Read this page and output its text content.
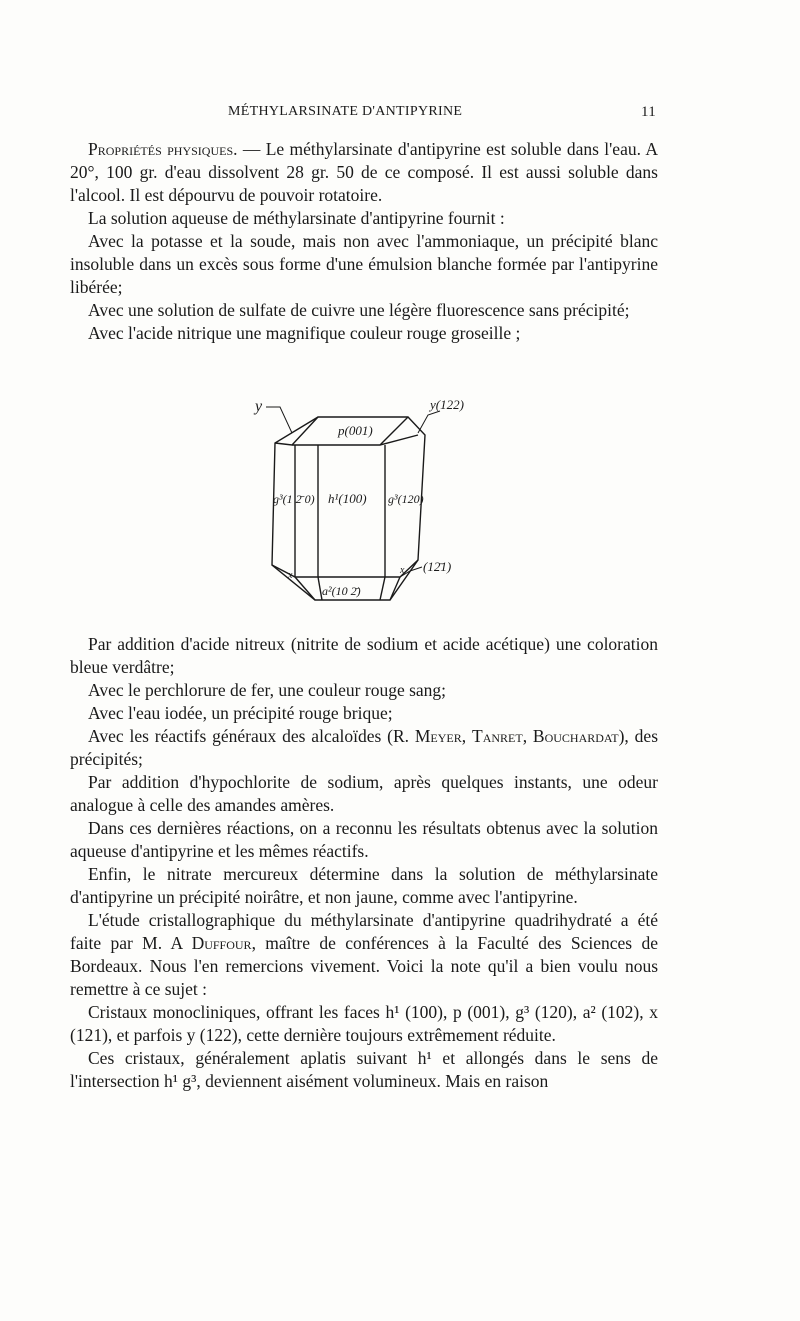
MÉTHYLARSINATE D'ANTIPYRINE	11

Propriétés physiques. — Le méthylarsinate d'antipyrine est soluble dans l'eau. A 20°, 100 gr. d'eau dissolvent 28 gr. 50 de ce composé. Il est aussi soluble dans l'alcool. Il est dépourvu de pouvoir rotatoire.

La solution aqueuse de méthylarsinate d'antipyrine fournit :

Avec la potasse et la soude, mais non avec l'ammoniaque, un précipité blanc insoluble dans un excès sous forme d'une émulsion blanche formée par l'antipyrine libérée;

Avec une solution de sulfate de cuivre une légère fluorescence sans précipité;

Avec l'acide nitrique une magnifique couleur rouge groseille ;

y	y(122)
p(001)
g³(1 2̄ 0) h¹(100) g³(120)
(12̄1)
x	x
a²(10 2̄)

Par addition d'acide nitreux (nitrite de sodium et acide acétique) une coloration bleue verdâtre;

Avec le perchlorure de fer, une couleur rouge sang;

Avec l'eau iodée, un précipité rouge brique;

Avec les réactifs généraux des alcaloïdes (R. Meyer, Tanret, Bouchardat), des précipités;

Par addition d'hypochlorite de sodium, après quelques instants, une odeur analogue à celle des amandes amères.

Dans ces dernières réactions, on a reconnu les résultats obtenus avec la solution aqueuse d'antipyrine et les mêmes réactifs.

Enfin, le nitrate mercureux détermine dans la solution de méthylarsinate d'antipyrine un précipité noirâtre, et non jaune, comme avec l'antipyrine.

L'étude cristallographique du méthylarsinate d'antipyrine quadrihydraté a été faite par M. A Duffour, maître de conférences à la Faculté des Sciences de Bordeaux. Nous l'en remercions vivement. Voici la note qu'il a bien voulu nous remettre à ce sujet :

Cristaux monocliniques, offrant les faces h¹ (100), p (001), g³ (120), a² (102), x (121), et parfois y (122), cette dernière toujours extrêmement réduite.

Ces cristaux, généralement aplatis suivant h¹ et allongés dans le sens de l'intersection h¹ g³, deviennent aisément volumineux. Mais en raison
